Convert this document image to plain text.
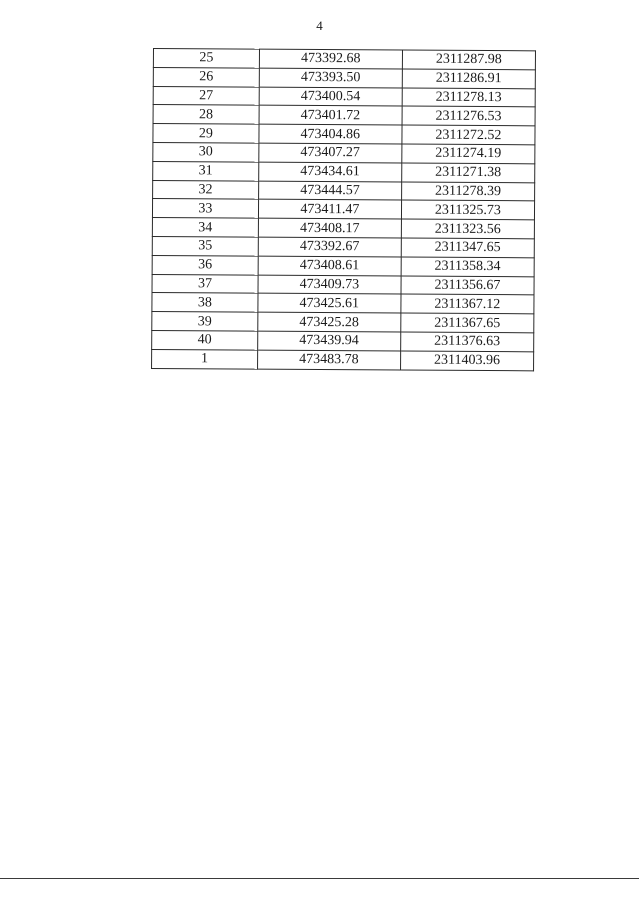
4
25	473392.68	2311287.98
26	473393.50	2311286.91
27	473400.54	2311278.13
28	473401.72	2311276.53
29	473404.86	2311272.52
30	473407.27	2311274.19
31	473434.61	2311271.38
32	473444.57	2311278.39
33	473411.47	2311325.73
34	473408.17	2311323.56
35	473392.67	2311347.65
36	473408.61	2311358.34
37	473409.73	2311356.67
38	473425.61	2311367.12
39	473425.28	2311367.65
40	473439.94	2311376.63
1	473483.78	2311403.96
